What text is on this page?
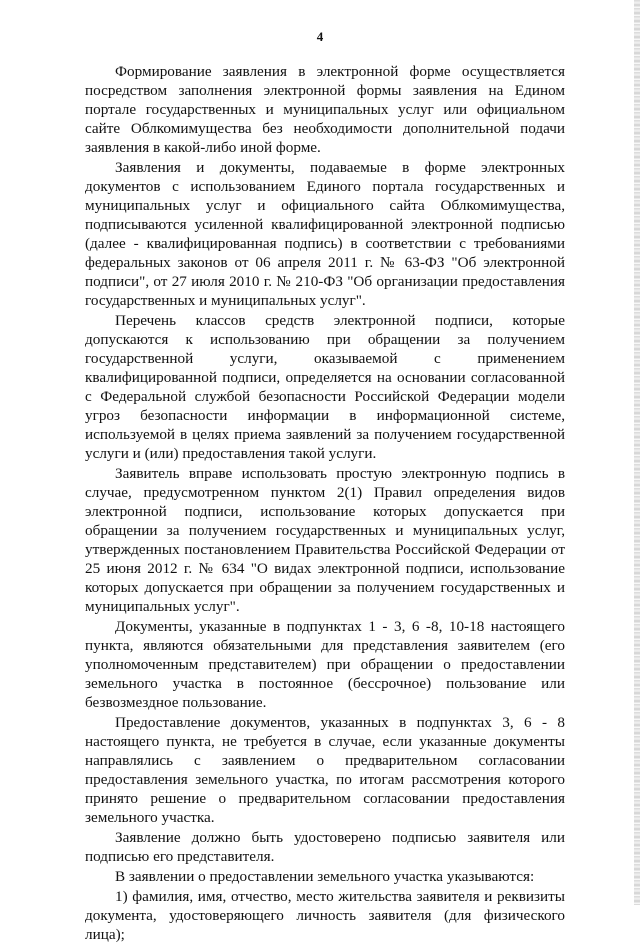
4

Формирование заявления в электронной форме осуществляется посредством заполнения электронной формы заявления на Едином портале государственных и муниципальных услуг или официальном сайте Облкомимущества без необходимости дополнительной подачи заявления в какой-либо иной форме.

Заявления и документы, подаваемые в форме электронных документов с использованием Единого портала государственных и муниципальных услуг и официального сайта Облкомимущества, подписываются усиленной квалифицированной электронной подписью (далее - квалифицированная подпись) в соответствии с требованиями федеральных законов от 06 апреля 2011 г. № 63-ФЗ "Об электронной подписи", от 27 июля 2010 г. № 210-ФЗ "Об организации предоставления государственных и муниципальных услуг".

Перечень классов средств электронной подписи, которые допускаются к использованию при обращении за получением государственной услуги, оказываемой с применением квалифицированной подписи, определяется на основании согласованной с Федеральной службой безопасности Российской Федерации модели угроз безопасности информации в информационной системе, используемой в целях приема заявлений за получением государственной услуги и (или) предоставления такой услуги.

Заявитель вправе использовать простую электронную подпись в случае, предусмотренном пунктом 2(1) Правил определения видов электронной подписи, использование которых допускается при обращении за получением государственных и муниципальных услуг, утвержденных постановлением Правительства Российской Федерации от 25 июня 2012 г. № 634 "О видах электронной подписи, использование которых допускается при обращении за получением государственных и муниципальных услуг".

Документы, указанные в подпунктах 1 - 3, 6 -8, 10-18 настоящего пункта, являются обязательными для представления заявителем (его уполномоченным представителем) при обращении о предоставлении земельного участка в постоянное (бессрочное) пользование или безвозмездное пользование.

Предоставление документов, указанных в подпунктах 3, 6 - 8 настоящего пункта, не требуется в случае, если указанные документы направлялись с заявлением о предварительном согласовании предоставления земельного участка, по итогам рассмотрения которого принято решение о предварительном согласовании предоставления земельного участка.

Заявление должно быть удостоверено подписью заявителя или подписью его представителя.

В заявлении о предоставлении земельного участка указываются:

1) фамилия, имя, отчество, место жительства заявителя и реквизиты документа, удостоверяющего личность заявителя (для физического лица);
